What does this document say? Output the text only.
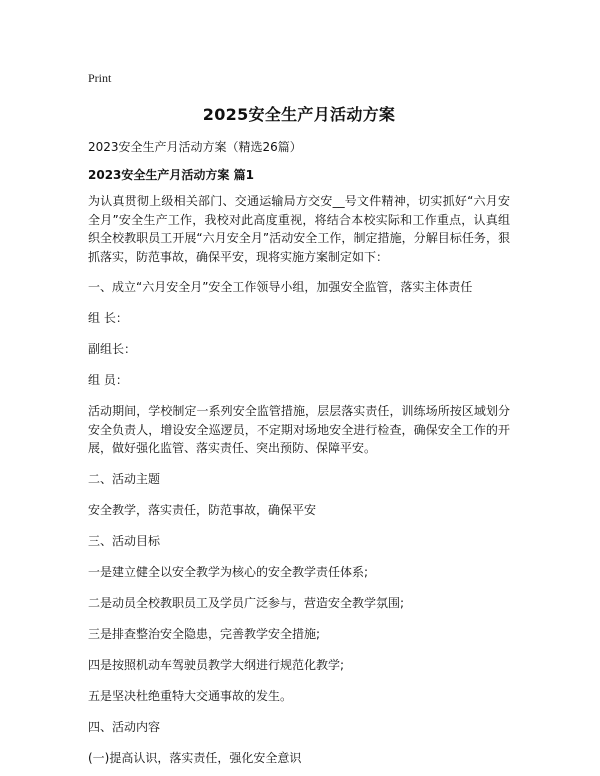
Print
2025安全生产月活动方案
2023安全生产月活动方案（精选26篇）
2023安全生产月活动方案 篇1
为认真贯彻上级相关部门、交通运输局方交安__号文件精神，切实抓好“六月安全月”安全生产工作，我校对此高度重视，将结合本校实际和工作重点，认真组织全校教职员工开展“六月安全月”活动安全工作，制定措施，分解目标任务，狠抓落实，防范事故，确保平安，现将实施方案制定如下：
一、成立“六月安全月”安全工作领导小组，加强安全监管，落实主体责任
组 长：
副组长：
组 员：
活动期间，学校制定一系列安全监管措施，层层落实责任，训练场所按区域划分安全负责人，增设安全巡逻员，不定期对场地安全进行检查，确保安全工作的开展，做好强化监管、落实责任、突出预防、保障平安。
二、活动主题
安全教学，落实责任，防范事故，确保平安
三、活动目标
一是建立健全以安全教学为核心的安全教学责任体系;
二是动员全校教职员工及学员广泛参与，营造安全教学氛围;
三是排查整治安全隐患，完善教学安全措施;
四是按照机动车驾驶员教学大纲进行规范化教学;
五是坚决杜绝重特大交通事故的发生。
四、活动内容
(一)提高认识，落实责任，强化安全意识
